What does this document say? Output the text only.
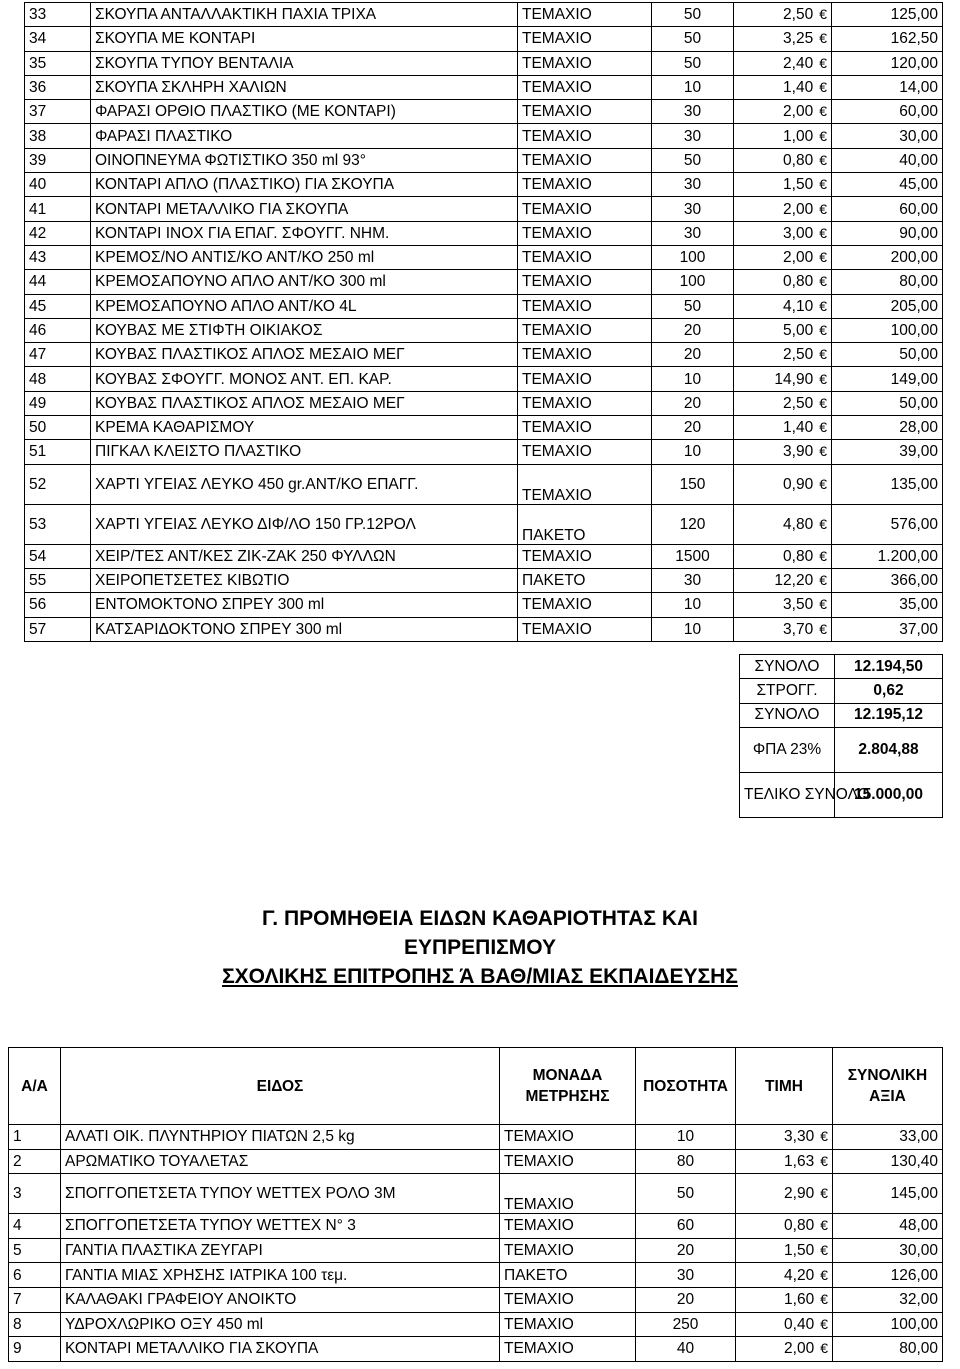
33	ΣΚΟΥΠΑ ΑΝΤΑΛΛΑΚΤΙΚΗ ΠΑΧΙΑ ΤΡΙΧΑ	ΤΕΜΑΧΙΟ	50	2,50 €	125,00
34	ΣΚΟΥΠΑ ΜΕ ΚΟΝΤΑΡΙ	ΤΕΜΑΧΙΟ	50	3,25 €	162,50
35	ΣΚΟΥΠΑ ΤΥΠΟΥ ΒΕΝΤΑΛΙΑ	ΤΕΜΑΧΙΟ	50	2,40 €	120,00
36	ΣΚΟΥΠΑ ΣΚΛΗΡΗ ΧΑΛΙΩΝ	ΤΕΜΑΧΙΟ	10	1,40 €	14,00
37	ΦΑΡΑΣΙ ΟΡΘΙΟ ΠΛΑΣΤΙΚΟ (ΜΕ ΚΟΝΤΑΡΙ)	ΤΕΜΑΧΙΟ	30	2,00 €	60,00
38	ΦΑΡΑΣΙ ΠΛΑΣΤΙΚΟ	ΤΕΜΑΧΙΟ	30	1,00 €	30,00
39	ΟΙΝΟΠΝΕΥΜΑ ΦΩΤΙΣΤΙΚΟ 350 ml 93°	ΤΕΜΑΧΙΟ	50	0,80 €	40,00
40	ΚΟΝΤΑΡΙ ΑΠΛΟ (ΠΛΑΣΤΙΚΟ) ΓΙΑ ΣΚΟΥΠΑ	ΤΕΜΑΧΙΟ	30	1,50 €	45,00
41	ΚΟΝΤΑΡΙ ΜΕΤΑΛΛΙΚΟ ΓΙΑ ΣΚΟΥΠΑ	ΤΕΜΑΧΙΟ	30	2,00 €	60,00
42	ΚΟΝΤΑΡΙ ΙΝΟΧ ΓΙΑ ΕΠΑΓ. ΣΦΟΥΓΓ. ΝΗΜ.	ΤΕΜΑΧΙΟ	30	3,00 €	90,00
43	ΚΡΕΜΟΣ/ΝΟ ΑΝΤΙΣ/ΚΟ ΑΝΤ/ΚΟ 250 ml	ΤΕΜΑΧΙΟ	100	2,00 €	200,00
44	ΚΡΕΜΟΣΑΠΟΥΝΟ ΑΠΛΟ ΑΝΤ/ΚΟ 300 ml	ΤΕΜΑΧΙΟ	100	0,80 €	80,00
45	ΚΡΕΜΟΣΑΠΟΥΝΟ ΑΠΛΟ ΑΝΤ/ΚΟ 4L	ΤΕΜΑΧΙΟ	50	4,10 €	205,00
46	ΚΟΥΒΑΣ ΜΕ ΣΤΙΦΤΗ ΟΙΚΙΑΚΟΣ	ΤΕΜΑΧΙΟ	20	5,00 €	100,00
47	ΚΟΥΒΑΣ ΠΛΑΣΤΙΚΟΣ ΑΠΛΟΣ ΜΕΣΑΙΟ ΜΕΓ	ΤΕΜΑΧΙΟ	20	2,50 €	50,00
48	ΚΟΥΒΑΣ ΣΦΟΥΓΓ. ΜΟΝΟΣ ΑΝΤ. ΕΠ. ΚΑΡ.	ΤΕΜΑΧΙΟ	10	14,90 €	149,00
49	ΚΟΥΒΑΣ ΠΛΑΣΤΙΚΟΣ ΑΠΛΟΣ ΜΕΣΑΙΟ ΜΕΓ	ΤΕΜΑΧΙΟ	20	2,50 €	50,00
50	ΚΡΕΜΑ ΚΑΘΑΡΙΣΜΟΥ	ΤΕΜΑΧΙΟ	20	1,40 €	28,00
51	ΠΙΓΚΑΛ ΚΛΕΙΣΤΟ ΠΛΑΣΤΙΚΟ	ΤΕΜΑΧΙΟ	10	3,90 €	39,00
52	ΧΑΡΤΙ ΥΓΕΙΑΣ ΛΕΥΚΟ 450 gr.ΑΝΤ/ΚΟ ΕΠΑΓΓ.	ΤΕΜΑΧΙΟ	150	0,90 €	135,00
53	ΧΑΡΤΙ ΥΓΕΙΑΣ ΛΕΥΚΟ ΔΙΦ/ΛΟ 150 ΓΡ.12ΡΟΛ	ΠΑΚΕΤΟ	120	4,80 €	576,00
54	ΧΕΙΡ/ΤΕΣ ΑΝΤ/ΚΕΣ ΖΙΚ-ΖΑΚ 250 ΦΥΛΛΩΝ	ΤΕΜΑΧΙΟ	1500	0,80 €	1.200,00
55	ΧΕΙΡΟΠΕΤΣΕΤΕΣ ΚΙΒΩΤΙΟ	ΠΑΚΕΤΟ	30	12,20 €	366,00
56	ΕΝΤΟΜΟΚΤΟΝΟ ΣΠΡΕΥ 300 ml	ΤΕΜΑΧΙΟ	10	3,50 €	35,00
57	ΚΑΤΣΑΡΙΔΟΚΤΟΝΟ ΣΠΡΕΥ 300 ml	ΤΕΜΑΧΙΟ	10	3,70 €	37,00
ΣΥΝΟΛΟ	12.194,50
ΣΤΡΟΓΓ.	0,62
ΣΥΝΟΛΟ	12.195,12
ΦΠΑ 23%	2.804,88
ΤΕΛΙΚΟ ΣΥΝΟΛΟ	15.000,00
Γ. ΠΡΟΜΗΘΕΙΑ ΕΙΔΩΝ ΚΑΘΑΡΙΟΤΗΤΑΣ ΚΑΙ
ΕΥΠΡΕΠΙΣΜΟΥ
ΣΧΟΛΙΚΗΣ ΕΠΙΤΡΟΠΗΣ Ά ΒΑΘ/ΜΙΑΣ ΕΚΠΑΙΔΕΥΣΗΣ
Α/Α	ΕΙΔΟΣ	ΜΟΝΑΔΑ ΜΕΤΡΗΣΗΣ	ΠΟΣΟΤΗΤΑ	ΤΙΜΗ	ΣΥΝΟΛΙΚΗ ΑΞΙΑ
1	ΑΛΑΤΙ ΟΙΚ. ΠΛΥΝΤΗΡΙΟΥ ΠΙΑΤΩΝ 2,5 kg	ΤΕΜΑΧΙΟ	10	3,30 €	33,00
2	ΑΡΩΜΑΤΙΚΟ ΤΟΥΑΛΕΤΑΣ	ΤΕΜΑΧΙΟ	80	1,63 €	130,40
3	ΣΠΟΓΓΟΠΕΤΣΕΤΑ ΤΥΠΟΥ WETTEX ΡΟΛΟ 3M	ΤΕΜΑΧΙΟ	50	2,90 €	145,00
4	ΣΠΟΓΓΟΠΕΤΣΕΤΑ ΤΥΠΟΥ WETTEX Ν° 3	ΤΕΜΑΧΙΟ	60	0,80 €	48,00
5	ΓΑΝΤΙΑ ΠΛΑΣΤΙΚΑ ΖΕΥΓΑΡΙ	ΤΕΜΑΧΙΟ	20	1,50 €	30,00
6	ΓΑΝΤΙΑ ΜΙΑΣ ΧΡΗΣΗΣ ΙΑΤΡΙΚΑ 100 τεμ.	ΠΑΚΕΤΟ	30	4,20 €	126,00
7	ΚΑΛΑΘΑΚΙ ΓΡΑΦΕΙΟΥ ΑΝΟΙΚΤΟ	ΤΕΜΑΧΙΟ	20	1,60 €	32,00
8	ΥΔΡΟΧΛΩΡΙΚΟ ΟΞΥ 450 ml	ΤΕΜΑΧΙΟ	250	0,40 €	100,00
9	ΚΟΝΤΑΡΙ ΜΕΤΑΛΛΙΚΟ ΓΙΑ ΣΚΟΥΠΑ	ΤΕΜΑΧΙΟ	40	2,00 €	80,00
